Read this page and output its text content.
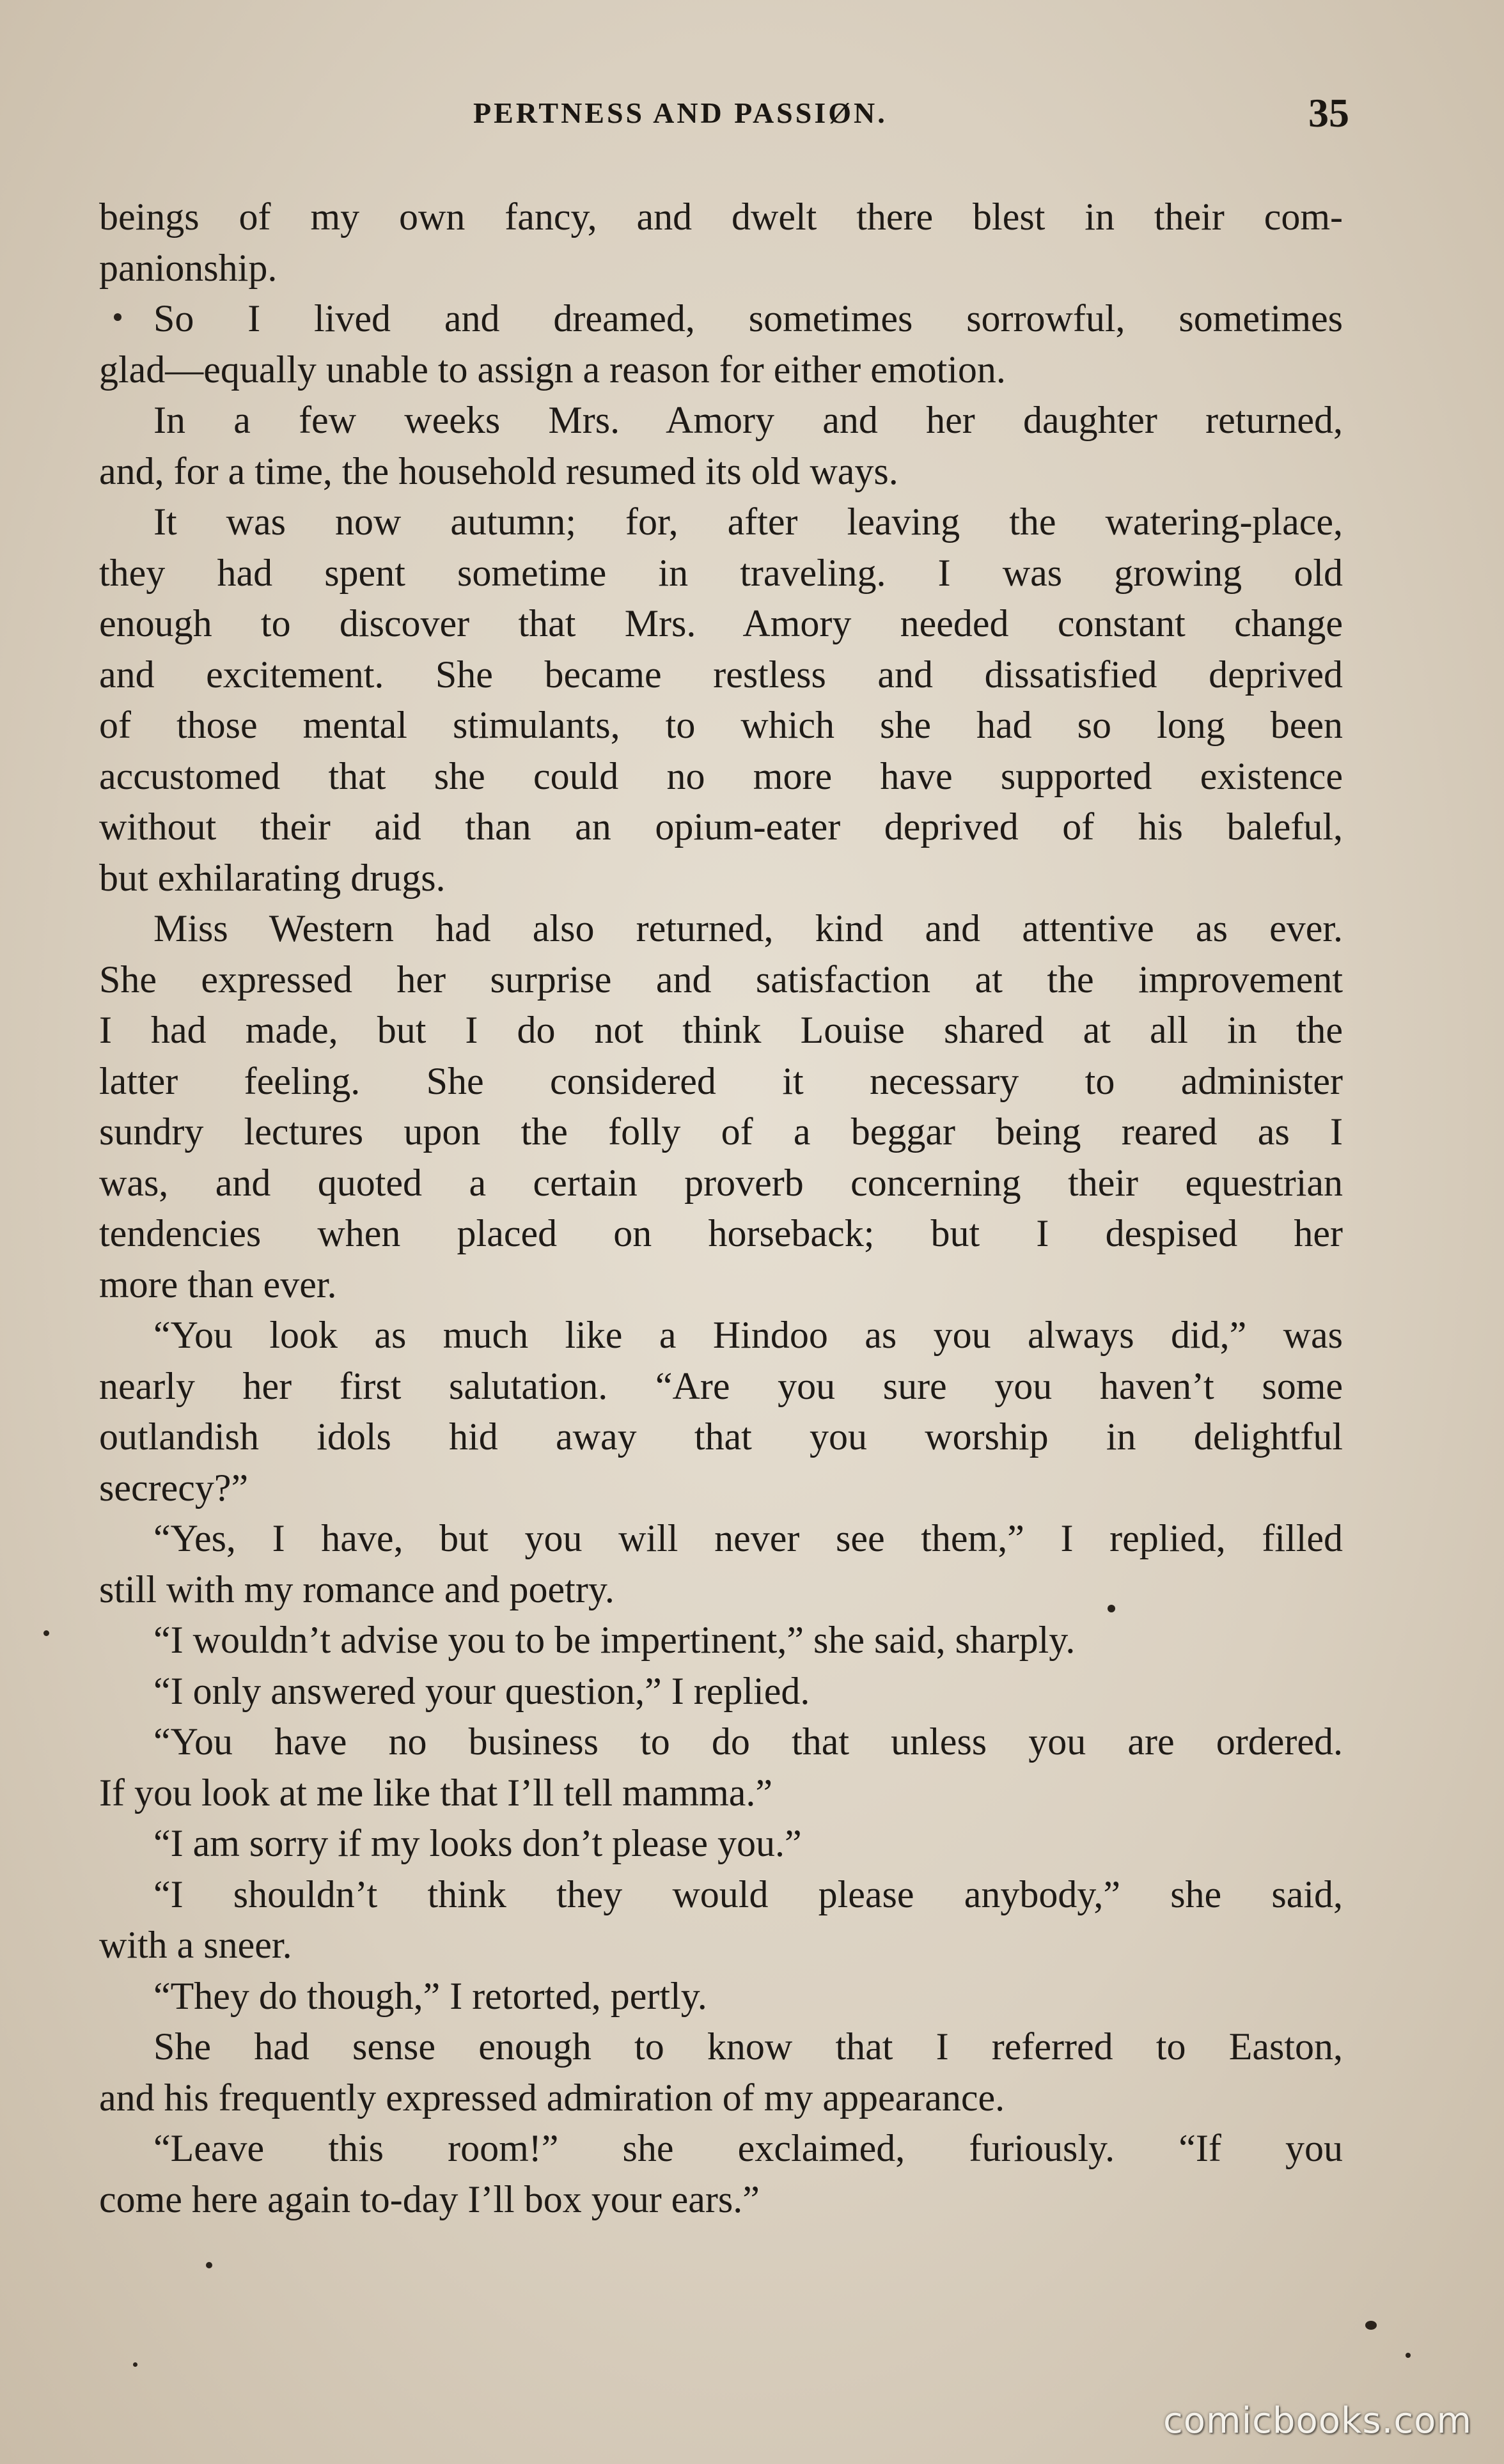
PERTNESS AND PASSIØN.	35
beings of my own fancy, and dwelt there blest in their com-
panionship.
So I lived and dreamed, sometimes sorrowful, sometimes
glad—equally unable to assign a reason for either emotion.
In a few weeks Mrs. Amory and her daughter returned,
and, for a time, the household resumed its old ways.
It was now autumn; for, after leaving the watering-place,
they had spent sometime in traveling. I was growing old
enough to discover that Mrs. Amory needed constant change
and excitement. She became restless and dissatisfied deprived
of those mental stimulants, to which she had so long been
accustomed that she could no more have supported existence
without their aid than an opium-eater deprived of his baleful,
but exhilarating drugs.
Miss Western had also returned, kind and attentive as ever.
She expressed her surprise and satisfaction at the improvement
I had made, but I do not think Louise shared at all in the
latter feeling. She considered it necessary to administer
sundry lectures upon the folly of a beggar being reared as I
was, and quoted a certain proverb concerning their equestrian
tendencies when placed on horseback; but I despised her
more than ever.
“You look as much like a Hindoo as you always did,” was
nearly her first salutation. “Are you sure you haven’t some
outlandish idols hid away that you worship in delightful
secrecy?”
“Yes, I have, but you will never see them,” I replied, filled
still with my romance and poetry.
“I wouldn’t advise you to be impertinent,” she said, sharply.
“I only answered your question,” I replied.
“You have no business to do that unless you are ordered.
If you look at me like that I’ll tell mamma.”
“I am sorry if my looks don’t please you.”
“I shouldn’t think they would please anybody,” she said,
with a sneer.
“They do though,” I retorted, pertly.
She had sense enough to know that I referred to Easton,
and his frequently expressed admiration of my appearance.
“Leave this room!” she exclaimed, furiously. “If you
come here again to-day I’ll box your ears.”
comicbooks.com
